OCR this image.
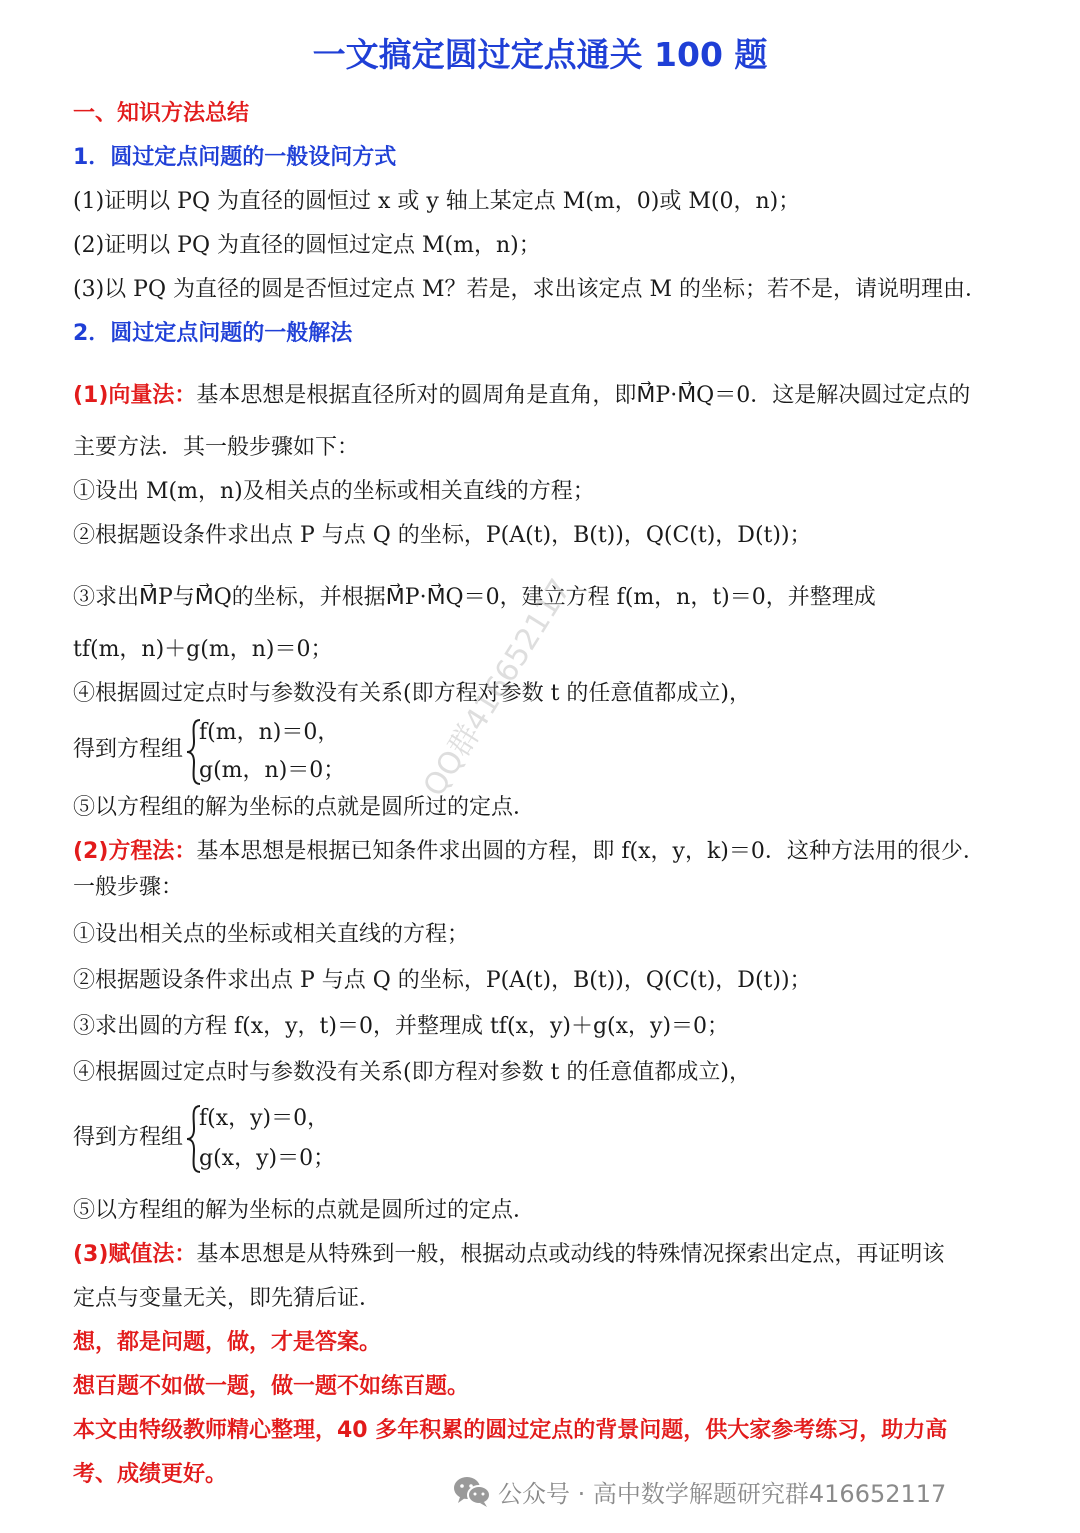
一文搞定圆过定点通关 100 题
一、知识方法总结
1．圆过定点问题的一般设问方式
(1)证明以 PQ 为直径的圆恒过 x 或 y 轴上某定点 M(m，0)或 M(0，n)；
(2)证明以 PQ 为直径的圆恒过定点 M(m，n)；
(3)以 PQ 为直径的圆是否恒过定点 M？若是，求出该定点 M 的坐标；若不是，请说明理由．
2．圆过定点问题的一般解法
(1)向量法：基本思想是根据直径所对的圆周角是直角，即M⃗P·M⃗Q＝0．这是解决圆过定点的
主要方法．其一般步骤如下：
①设出 M(m，n)及相关点的坐标或相关直线的方程；
②根据题设条件求出点 P 与点 Q 的坐标，P(A(t)，B(t))，Q(C(t)，D(t))；
③求出M⃗P与M⃗Q的坐标，并根据M⃗P·M⃗Q＝0，建立方程 f(m，n，t)＝0，并整理成
tf(m，n)＋g(m，n)＝0；
④根据圆过定点时与参数没有关系(即方程对参数 t 的任意值都成立)，
得到方程组
f(m，n)＝0，
g(m，n)＝0；
⑤以方程组的解为坐标的点就是圆所过的定点．
(2)方程法：基本思想是根据已知条件求出圆的方程，即 f(x，y，k)＝0．这种方法用的很少．
一般步骤：
①设出相关点的坐标或相关直线的方程；
②根据题设条件求出点 P 与点 Q 的坐标，P(A(t)，B(t))，Q(C(t)，D(t))；
③求出圆的方程 f(x，y，t)＝0，并整理成 tf(x，y)＋g(x，y)＝0；
④根据圆过定点时与参数没有关系(即方程对参数 t 的任意值都成立)，
得到方程组
f(x，y)＝0，
g(x，y)＝0；
⑤以方程组的解为坐标的点就是圆所过的定点．
(3)赋值法：基本思想是从特殊到一般，根据动点或动线的特殊情况探索出定点，再证明该
定点与变量无关，即先猜后证．
想，都是问题，做，才是答案。
想百题不如做一题，做一题不如练百题。
本文由特级教师精心整理，40 多年积累的圆过定点的背景问题，供大家参考练习，助力高
考、成绩更好。
QQ群416652117
公众号 · 高中数学解题研究群416652117
